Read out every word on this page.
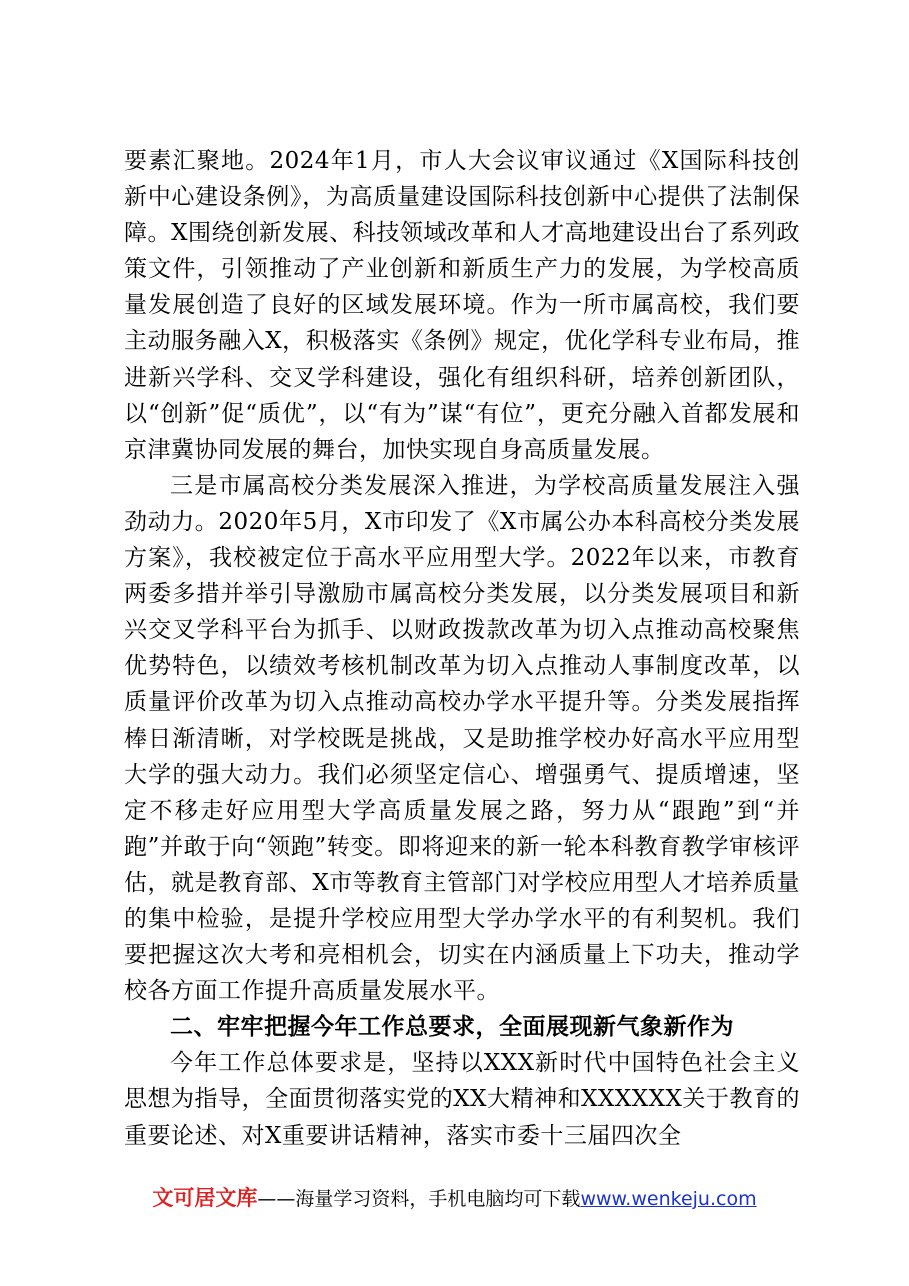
要素汇聚地。2024年1月，市人大会议审议通过《X国际科技创新中心建设条例》，为高质量建设国际科技创新中心提供了法制保障。X围绕创新发展、科技领域改革和人才高地建设出台了系列政策文件，引领推动了产业创新和新质生产力的发展，为学校高质量发展创造了良好的区域发展环境。作为一所市属高校，我们要主动服务融入X，积极落实《条例》规定，优化学科专业布局，推进新兴学科、交叉学科建设，强化有组织科研，培养创新团队，以“创新”促“质优”，以“有为”谋“有位”，更充分融入首都发展和京津冀协同发展的舞台，加快实现自身高质量发展。

三是市属高校分类发展深入推进，为学校高质量发展注入强劲动力。2020年5月，X市印发了《X市属公办本科高校分类发展方案》，我校被定位于高水平应用型大学。2022年以来，市教育两委多措并举引导激励市属高校分类发展，以分类发展项目和新兴交叉学科平台为抓手、以财政拨款改革为切入点推动高校聚焦优势特色，以绩效考核机制改革为切入点推动人事制度改革，以质量评价改革为切入点推动高校办学水平提升等。分类发展指挥棒日渐清晰，对学校既是挑战，又是助推学校办好高水平应用型大学的强大动力。我们必须坚定信心、增强勇气、提质增速，坚定不移走好应用型大学高质量发展之路，努力从“跟跑”到“并跑”并敢于向“领跑”转变。即将迎来的新一轮本科教育教学审核评估，就是教育部、X市等教育主管部门对学校应用型人才培养质量的集中检验，是提升学校应用型大学办学水平的有利契机。我们要把握这次大考和亮相机会，切实在内涵质量上下功夫，推动学校各方面工作提升高质量发展水平。

二、牢牢把握今年工作总要求，全面展现新气象新作为

今年工作总体要求是，坚持以XXX新时代中国特色社会主义思想为指导，全面贯彻落实党的XX大精神和XXXXXX关于教育的重要论述、对X重要讲话精神，落实市委十三届四次全

文可居文库——海量学习资料，手机电脑均可下载www.wenkeju.com
